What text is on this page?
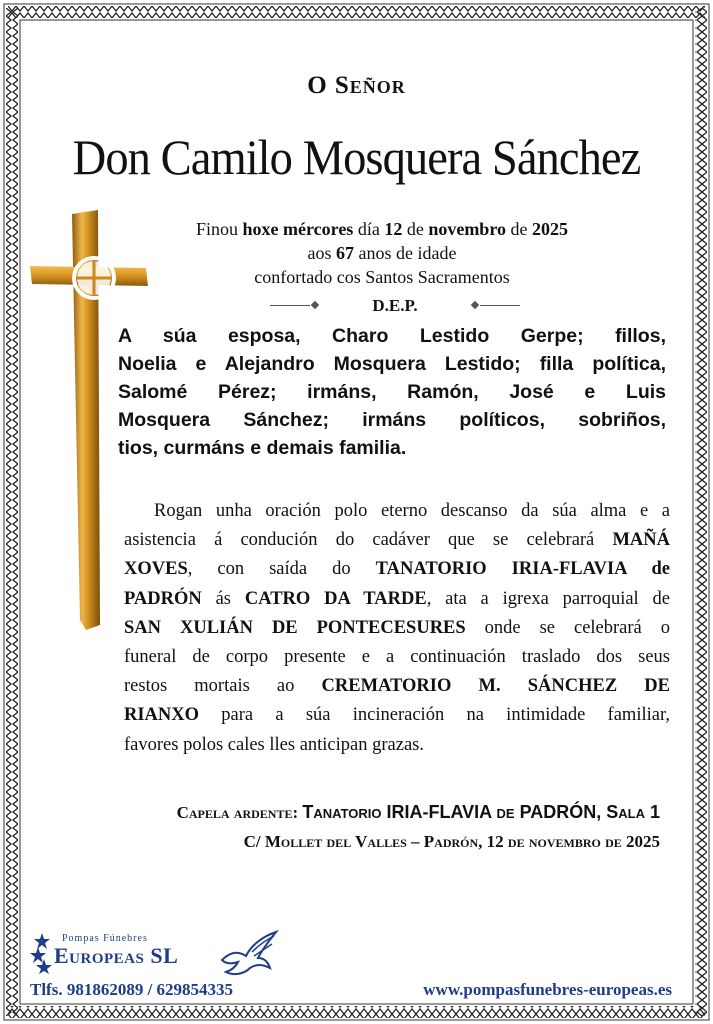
O Señor
Don Camilo Mosquera Sánchez
Finou hoxe mércores día 12 de novembro de 2025
aos 67 anos de idade
confortado cos Santos Sacramentos
D.E.P.
A súa esposa, Charo Lestido Gerpe; fillos,
Noelia e Alejandro Mosquera Lestido; filla política,
Salomé Pérez; irmáns, Ramón, José e Luis
Mosquera Sánchez; irmáns políticos, sobriños,
tios, curmáns e demais familia.
Rogan unha oración polo eterno descanso da súa alma e a
asistencia á condución do cadáver que se celebrará MAÑÁ
XOVES, con saída do TANATORIO IRIA-FLAVIA de
PADRÓN ás CATRO DA TARDE, ata a igrexa parroquial de
SAN XULIÁN DE PONTECESURES onde se celebrará o
funeral de corpo presente e a continuación traslado dos seus
restos mortais ao CREMATORIO M. SÁNCHEZ DE
RIANXO para a súa incineración na intimidade familiar,
favores polos cales lles anticipan grazas.
Capela ardente: Tanatorio IRIA-FLAVIA de PADRÓN, Sala 1
C/ Mollet del Valles – Padrón, 12 de novembro de 2025
Pompas Fúnebres
Europeas SL
Tlfs. 981862089 / 629854335	www.pompasfunebres-europeas.es
